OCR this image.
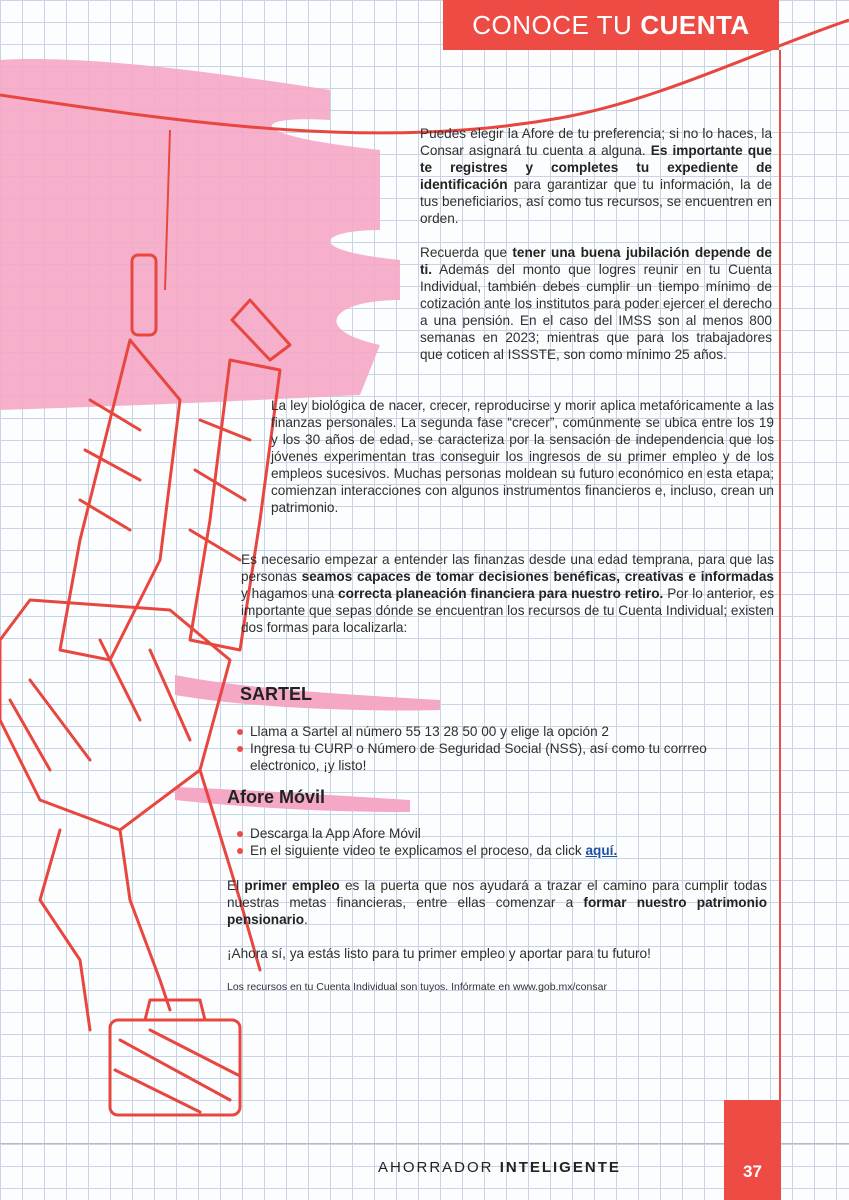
CONOCE TU CUENTA

Puedes elegir la Afore de tu preferencia; si no lo haces, la Consar asignará tu cuenta a alguna. Es importante que te registres y completes tu expediente de identificación para garantizar que tu información, la de tus beneficiarios, así como tus recursos, se encuentren en orden.

Recuerda que tener una buena jubilación depende de ti. Además del monto que logres reunir en tu Cuenta Individual, también debes cumplir un tiempo mínimo de cotización ante los institutos para poder ejercer el derecho a una pensión. En el caso del IMSS son al menos 800 semanas en 2023; mientras que para los trabajadores que coticen al ISSSTE, son como mínimo 25 años.

La ley biológica de nacer, crecer, reproducirse y morir aplica metafóricamente a las finanzas personales. La segunda fase “crecer”, comúnmente se ubica entre los 19 y los 30 años de edad, se caracteriza por la sensación de independencia que los jóvenes experimentan tras conseguir los ingresos de su primer empleo y de los empleos sucesivos. Muchas personas moldean su futuro económico en esta etapa; comienzan interacciones con algunos instrumentos financieros e, incluso, crean un patrimonio.

Es necesario empezar a entender las finanzas desde una edad temprana, para que las personas seamos capaces de tomar decisiones benéficas, creativas e informadas y hagamos una correcta planeación financiera para nuestro retiro. Por lo anterior, es importante que sepas dónde se encuentran los recursos de tu Cuenta Individual; existen dos formas para localizarla:

SARTEL
Llama a Sartel al número 55 13 28 50 00 y elige la opción 2
Ingresa tu CURP o Número de Seguridad Social (NSS), así como tu corrreo electronico, ¡y listo!
Afore Móvil
Descarga la App Afore Móvil
En el siguiente video te explicamos el proceso, da click aquí.

El primer empleo es la puerta que nos ayudará a trazar el camino para cumplir todas nuestras metas financieras, entre ellas comenzar a formar nuestro patrimonio pensionario.

¡Ahora sí, ya estás listo para tu primer empleo y aportar para tu futuro!

Los recursos en tu Cuenta Individual son tuyos. Infórmate en www.gob.mx/consar

AHORRADOR INTELIGENTE	37
